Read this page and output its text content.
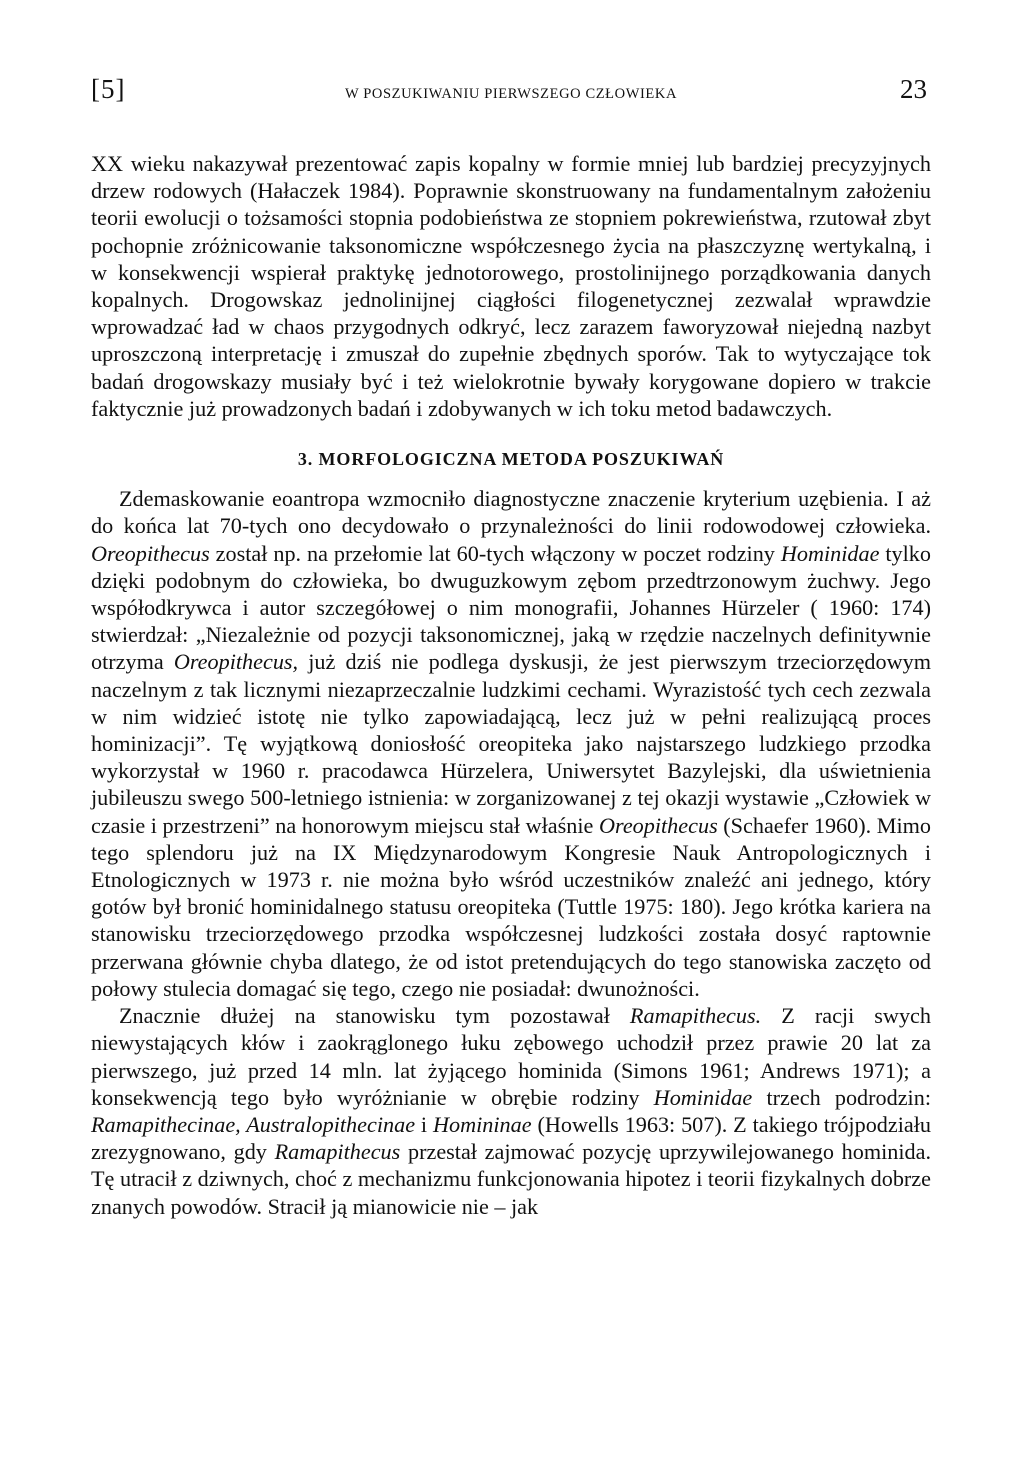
[5]	W POSZUKIWANIU PIERWSZEGO CZŁOWIEKA	23

XX wieku nakazywał prezentować zapis kopalny w formie mniej lub bardziej precyzyjnych drzew rodowych (Hałaczek 1984). Poprawnie skonstruowany na fundamentalnym założeniu teorii ewolucji o tożsamości stopnia podobieństwa ze stopniem pokrewieństwa, rzutował zbyt pochopnie zróżnicowanie taksonomiczne współczesnego życia na płaszczyznę wertykalną, i w konsekwencji wspierał praktykę jednotorowego, prostolinijnego porządkowania danych kopalnych. Drogowskaz jednolinijnej ciągłości filogenetycznej zezwalał wprawdzie wprowadzać ład w chaos przygodnych odkryć, lecz zarazem faworyzował niejedną nazbyt uproszczoną interpretację i zmuszał do zupełnie zbędnych sporów. Tak to wytyczające tok badań drogowskazy musiały być i też wielokrotnie bywały korygowane dopiero w trakcie faktycznie już prowadzonych badań i zdobywanych w ich toku metod badawczych.

3. MORFOLOGICZNA METODA POSZUKIWAŃ

Zdemaskowanie eoantropa wzmocniło diagnostyczne znaczenie kryterium uzębienia. I aż do końca lat 70-tych ono decydowało o przynależności do linii rodowodowej człowieka. Oreopithecus został np. na przełomie lat 60-tych włączony w poczet rodziny Hominidae tylko dzięki podobnym do człowieka, bo dwuguzkowym zębom przedtrzonowym żuchwy. Jego współodkrywca i autor szczegółowej o nim monografii, Johannes Hürzeler ( 1960: 174) stwierdzał: „Niezależnie od pozycji taksonomicznej, jaką w rzędzie naczelnych definitywnie otrzyma Oreopithecus, już dziś nie podlega dyskusji, że jest pierwszym trzeciorzędowym naczelnym z tak licznymi niezaprzeczalnie ludzkimi cechami. Wyrazistość tych cech zezwala w nim widzieć istotę nie tylko zapowiadającą, lecz już w pełni realizującą proces hominizacji”. Tę wyjątkową doniosłość oreopiteka jako najstarszego ludzkiego przodka wykorzystał w 1960 r. pracodawca Hürzelera, Uniwersytet Bazylejski, dla uświetnienia jubileuszu swego 500-letniego istnienia: w zorganizowanej z tej okazji wystawie „Człowiek w czasie i przestrzeni” na honorowym miejscu stał właśnie Oreopithecus (Schaefer 1960). Mimo tego splendoru już na IX Międzynarodowym Kongresie Nauk Antropologicznych i Etnologicznych w 1973 r. nie można było wśród uczestników znaleźć ani jednego, który gotów był bronić hominidalnego statusu oreopiteka (Tuttle 1975: 180). Jego krótka kariera na stanowisku trzeciorzędowego przodka współczesnej ludzkości została dosyć raptownie przerwana głównie chyba dlatego, że od istot pretendujących do tego stanowiska zaczęto od połowy stulecia domagać się tego, czego nie posiadał: dwunożności.

Znacznie dłużej na stanowisku tym pozostawał Ramapithecus. Z racji swych niewystających kłów i zaokrąglonego łuku zębowego uchodził przez prawie 20 lat za pierwszego, już przed 14 mln. lat żyjącego hominida (Simons 1961; Andrews 1971); a konsekwencją tego było wyróżnianie w obrębie rodziny Hominidae trzech podrodzin: Ramapithecinae, Australopithecinae i Homininae (Howells 1963: 507). Z takiego trójpodziału zrezygnowano, gdy Ramapithecus przestał zajmować pozycję uprzywilejowanego hominida. Tę utracił z dziwnych, choć z mechanizmu funkcjonowania hipotez i teorii fizykalnych dobrze znanych powodów. Stracił ją mianowicie nie – jak
